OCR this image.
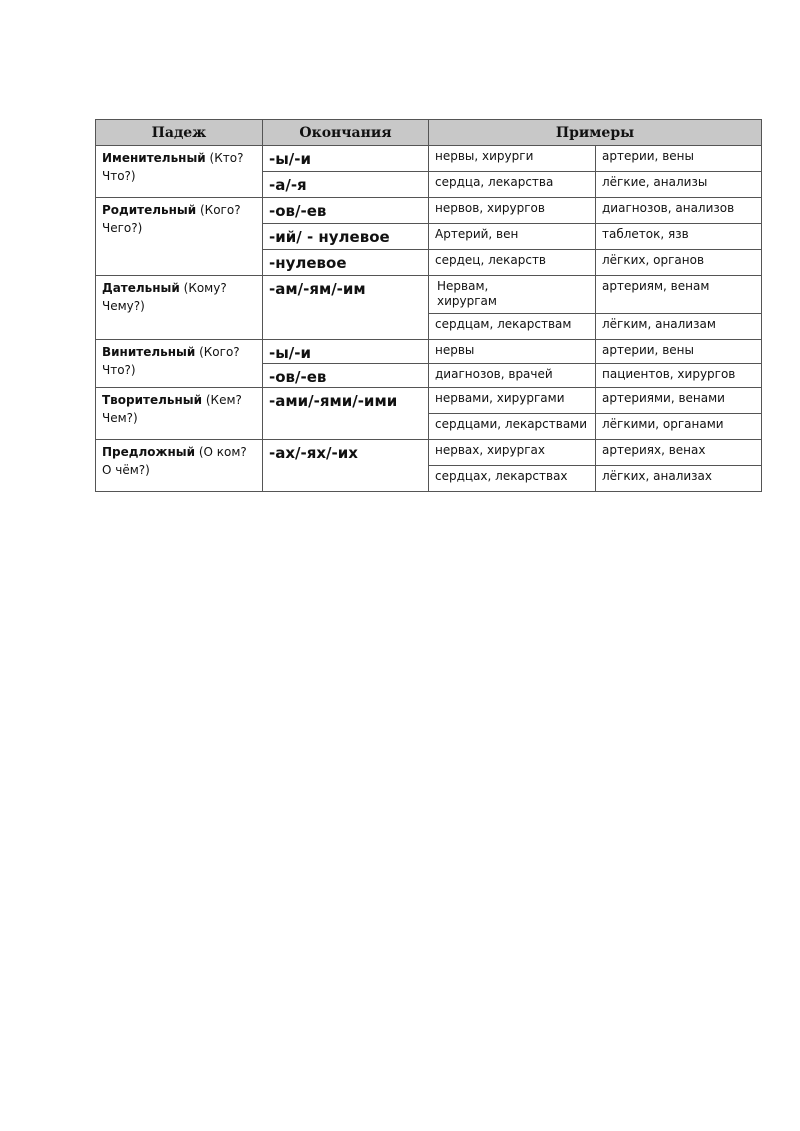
Падеж	Окончания	Примеры	
Именительный (Кто? Что?)	-ы/-и	нервы, хирурги	артерии, вены

	-а/-я	сердца, лекарства	лёгкие, анализы

Родительный (Кого? Чего?)	-ов/-ев	нервов, хирургов	диагнозов, анализов

	-ий/ - нулевое	Артерий, вен	таблеток, язв

	-нулевое	сердец, лекарств	лёгких, органов

Дательный (Кому? Чему?)	-ам/-ям/-им	Нервам, хирургам	артериям, венам

		сердцам, лекарствам	лёгким, анализам

Винительный (Кого? Что?)	-ы/-и	нервы	артерии, вены

	-ов/-ев	диагнозов, врачей	пациентов, хирургов

Творительный (Кем? Чем?)	-ами/-ями/-ими	нервами, хирургами	артериями, венами

		сердцами, лекарствами	лёгкими, органами

Предложный (О ком? О чём?)	-ах/-ях/-их	нервах, хирургах	артериях, венах

		сердцах, лекарствах	лёгких, анализах
